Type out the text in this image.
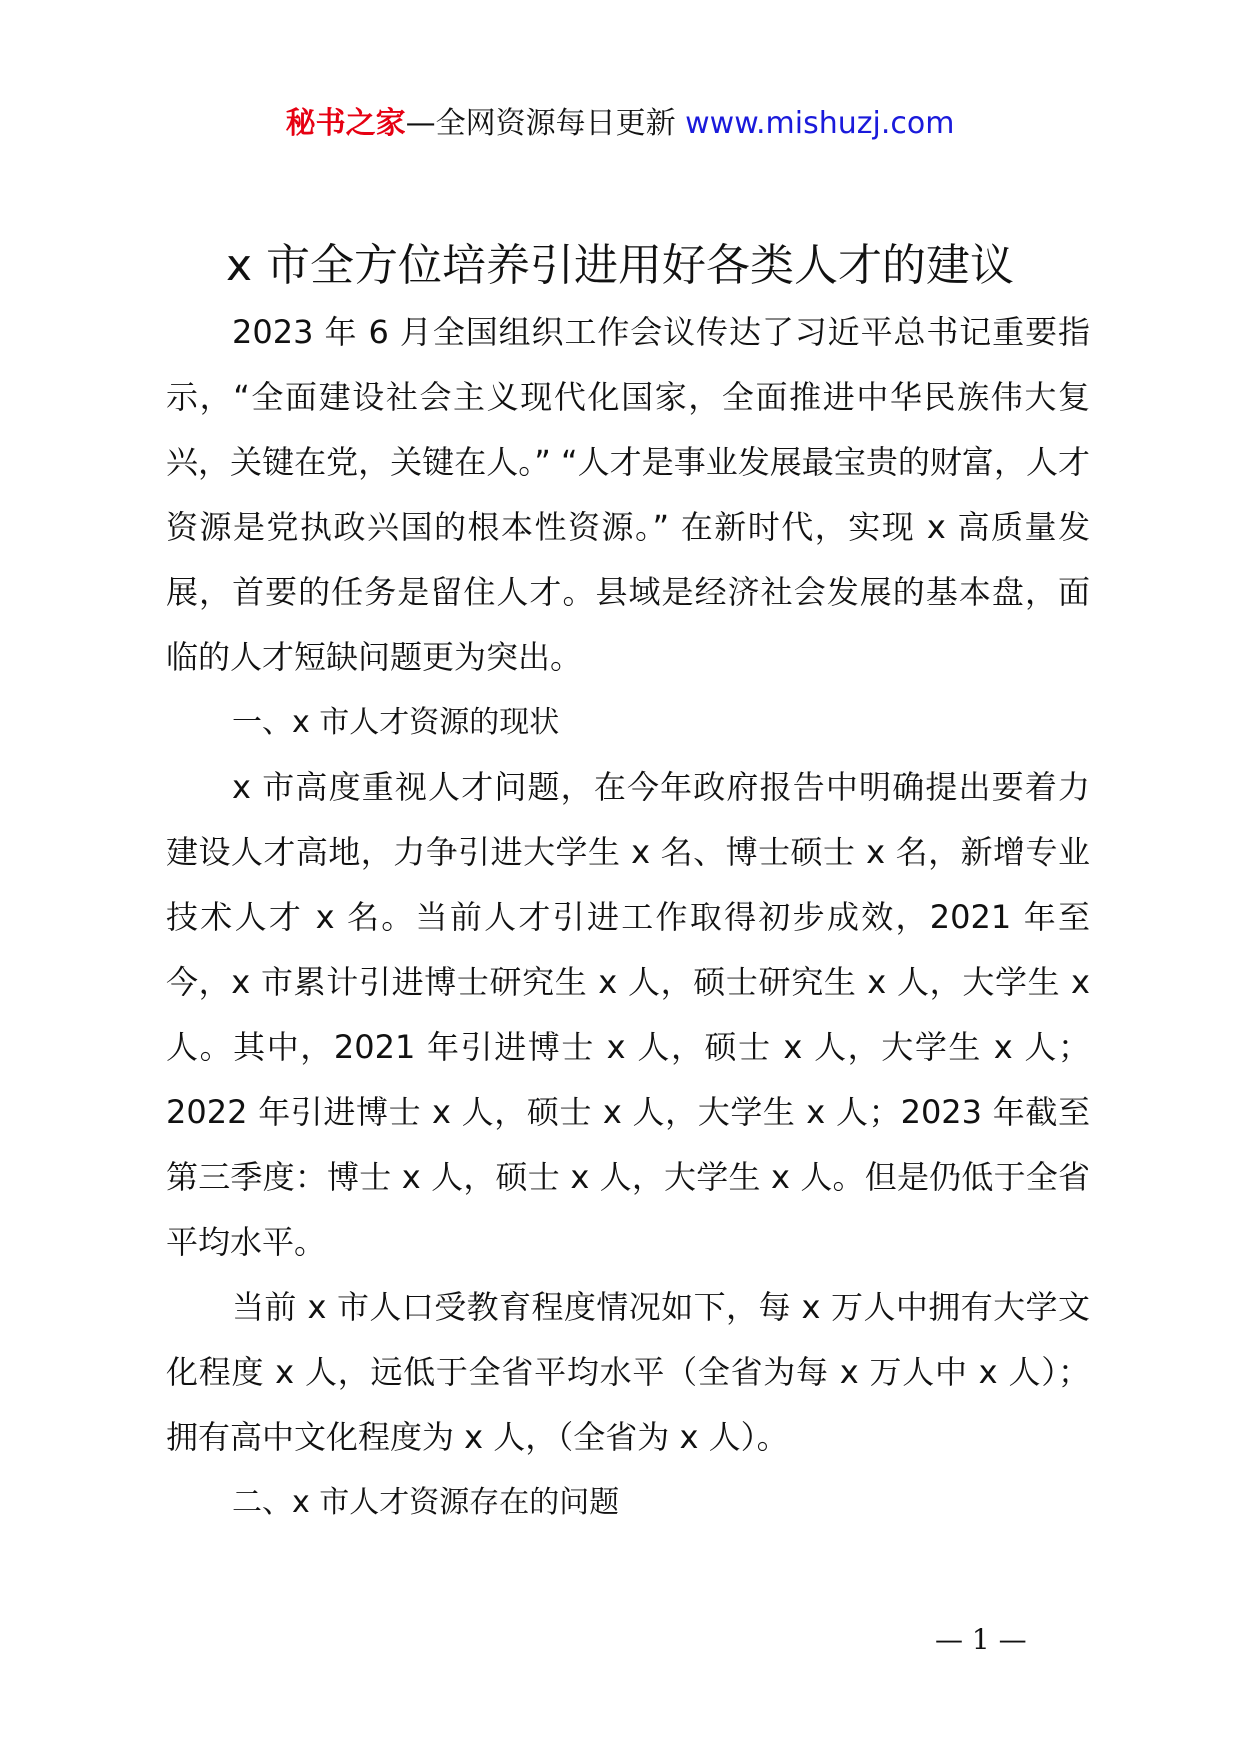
秘书之家—全网资源每日更新 www.mishuzj.com
x 市全方位培养引进用好各类人才的建议

2023 年 6 月全国组织工作会议传达了习近平总书记重要指示，“全面建设社会主义现代化国家，全面推进中华民族伟大复兴，关键在党，关键在人。” “人才是事业发展最宝贵的财富，人才资源是党执政兴国的根本性资源。” 在新时代，实现 x 高质量发展，首要的任务是留住人才。县域是经济社会发展的基本盘，面临的人才短缺问题更为突出。

一、x 市人才资源的现状

x 市高度重视人才问题，在今年政府报告中明确提出要着力建设人才高地，力争引进大学生 x 名、博士硕士 x 名，新增专业技术人才 x 名。当前人才引进工作取得初步成效，2021 年至今，x 市累计引进博士研究生 x 人，硕士研究生 x 人，大学生 x 人。其中，2021 年引进博士 x 人，硕士 x 人，大学生 x 人；2022 年引进博士 x 人，硕士 x 人，大学生 x 人；2023 年截至第三季度：博士 x 人，硕士 x 人，大学生 x 人。但是仍低于全省平均水平。

当前 x 市人口受教育程度情况如下，每 x 万人中拥有大学文化程度 x 人，远低于全省平均水平（全省为每 x 万人中 x 人）；拥有高中文化程度为 x 人，（全省为 x 人）。

二、x 市人才资源存在的问题

— 1 —
